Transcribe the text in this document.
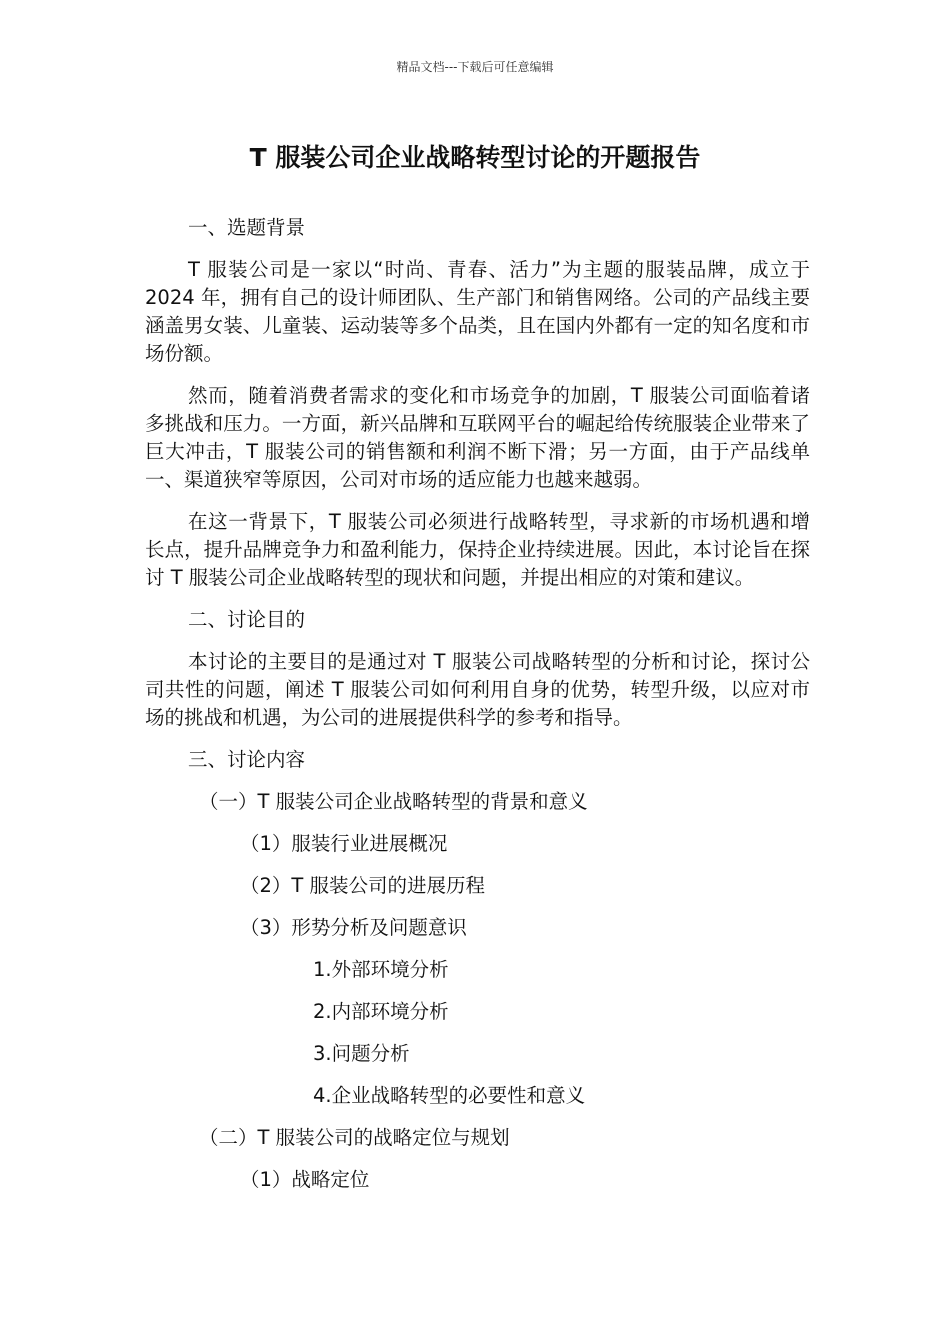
精品文档---下载后可任意编辑
T 服装公司企业战略转型讨论的开题报告
一、选题背景

T 服装公司是一家以“时尚、青春、活力”为主题的服装品牌，成立于 2024 年，拥有自己的设计师团队、生产部门和销售网络。公司的产品线主要涵盖男女装、儿童装、运动装等多个品类，且在国内外都有一定的知名度和市场份额。

然而，随着消费者需求的变化和市场竞争的加剧，T 服装公司面临着诸多挑战和压力。一方面，新兴品牌和互联网平台的崛起给传统服装企业带来了巨大冲击，T 服装公司的销售额和利润不断下滑；另一方面，由于产品线单一、渠道狭窄等原因，公司对市场的适应能力也越来越弱。

在这一背景下，T 服装公司必须进行战略转型，寻求新的市场机遇和增长点，提升品牌竞争力和盈利能力，保持企业持续进展。因此，本讨论旨在探讨 T 服装公司企业战略转型的现状和问题，并提出相应的对策和建议。

二、讨论目的

本讨论的主要目的是通过对 T 服装公司战略转型的分析和讨论，探讨公司共性的问题，阐述 T 服装公司如何利用自身的优势，转型升级，以应对市场的挑战和机遇，为公司的进展提供科学的参考和指导。

三、讨论内容
（一）T 服装公司企业战略转型的背景和意义
（1）服装行业进展概况
（2）T 服装公司的进展历程
（3）形势分析及问题意识
1.外部环境分析
2.内部环境分析
3.问题分析
4.企业战略转型的必要性和意义
（二）T 服装公司的战略定位与规划
（1）战略定位
